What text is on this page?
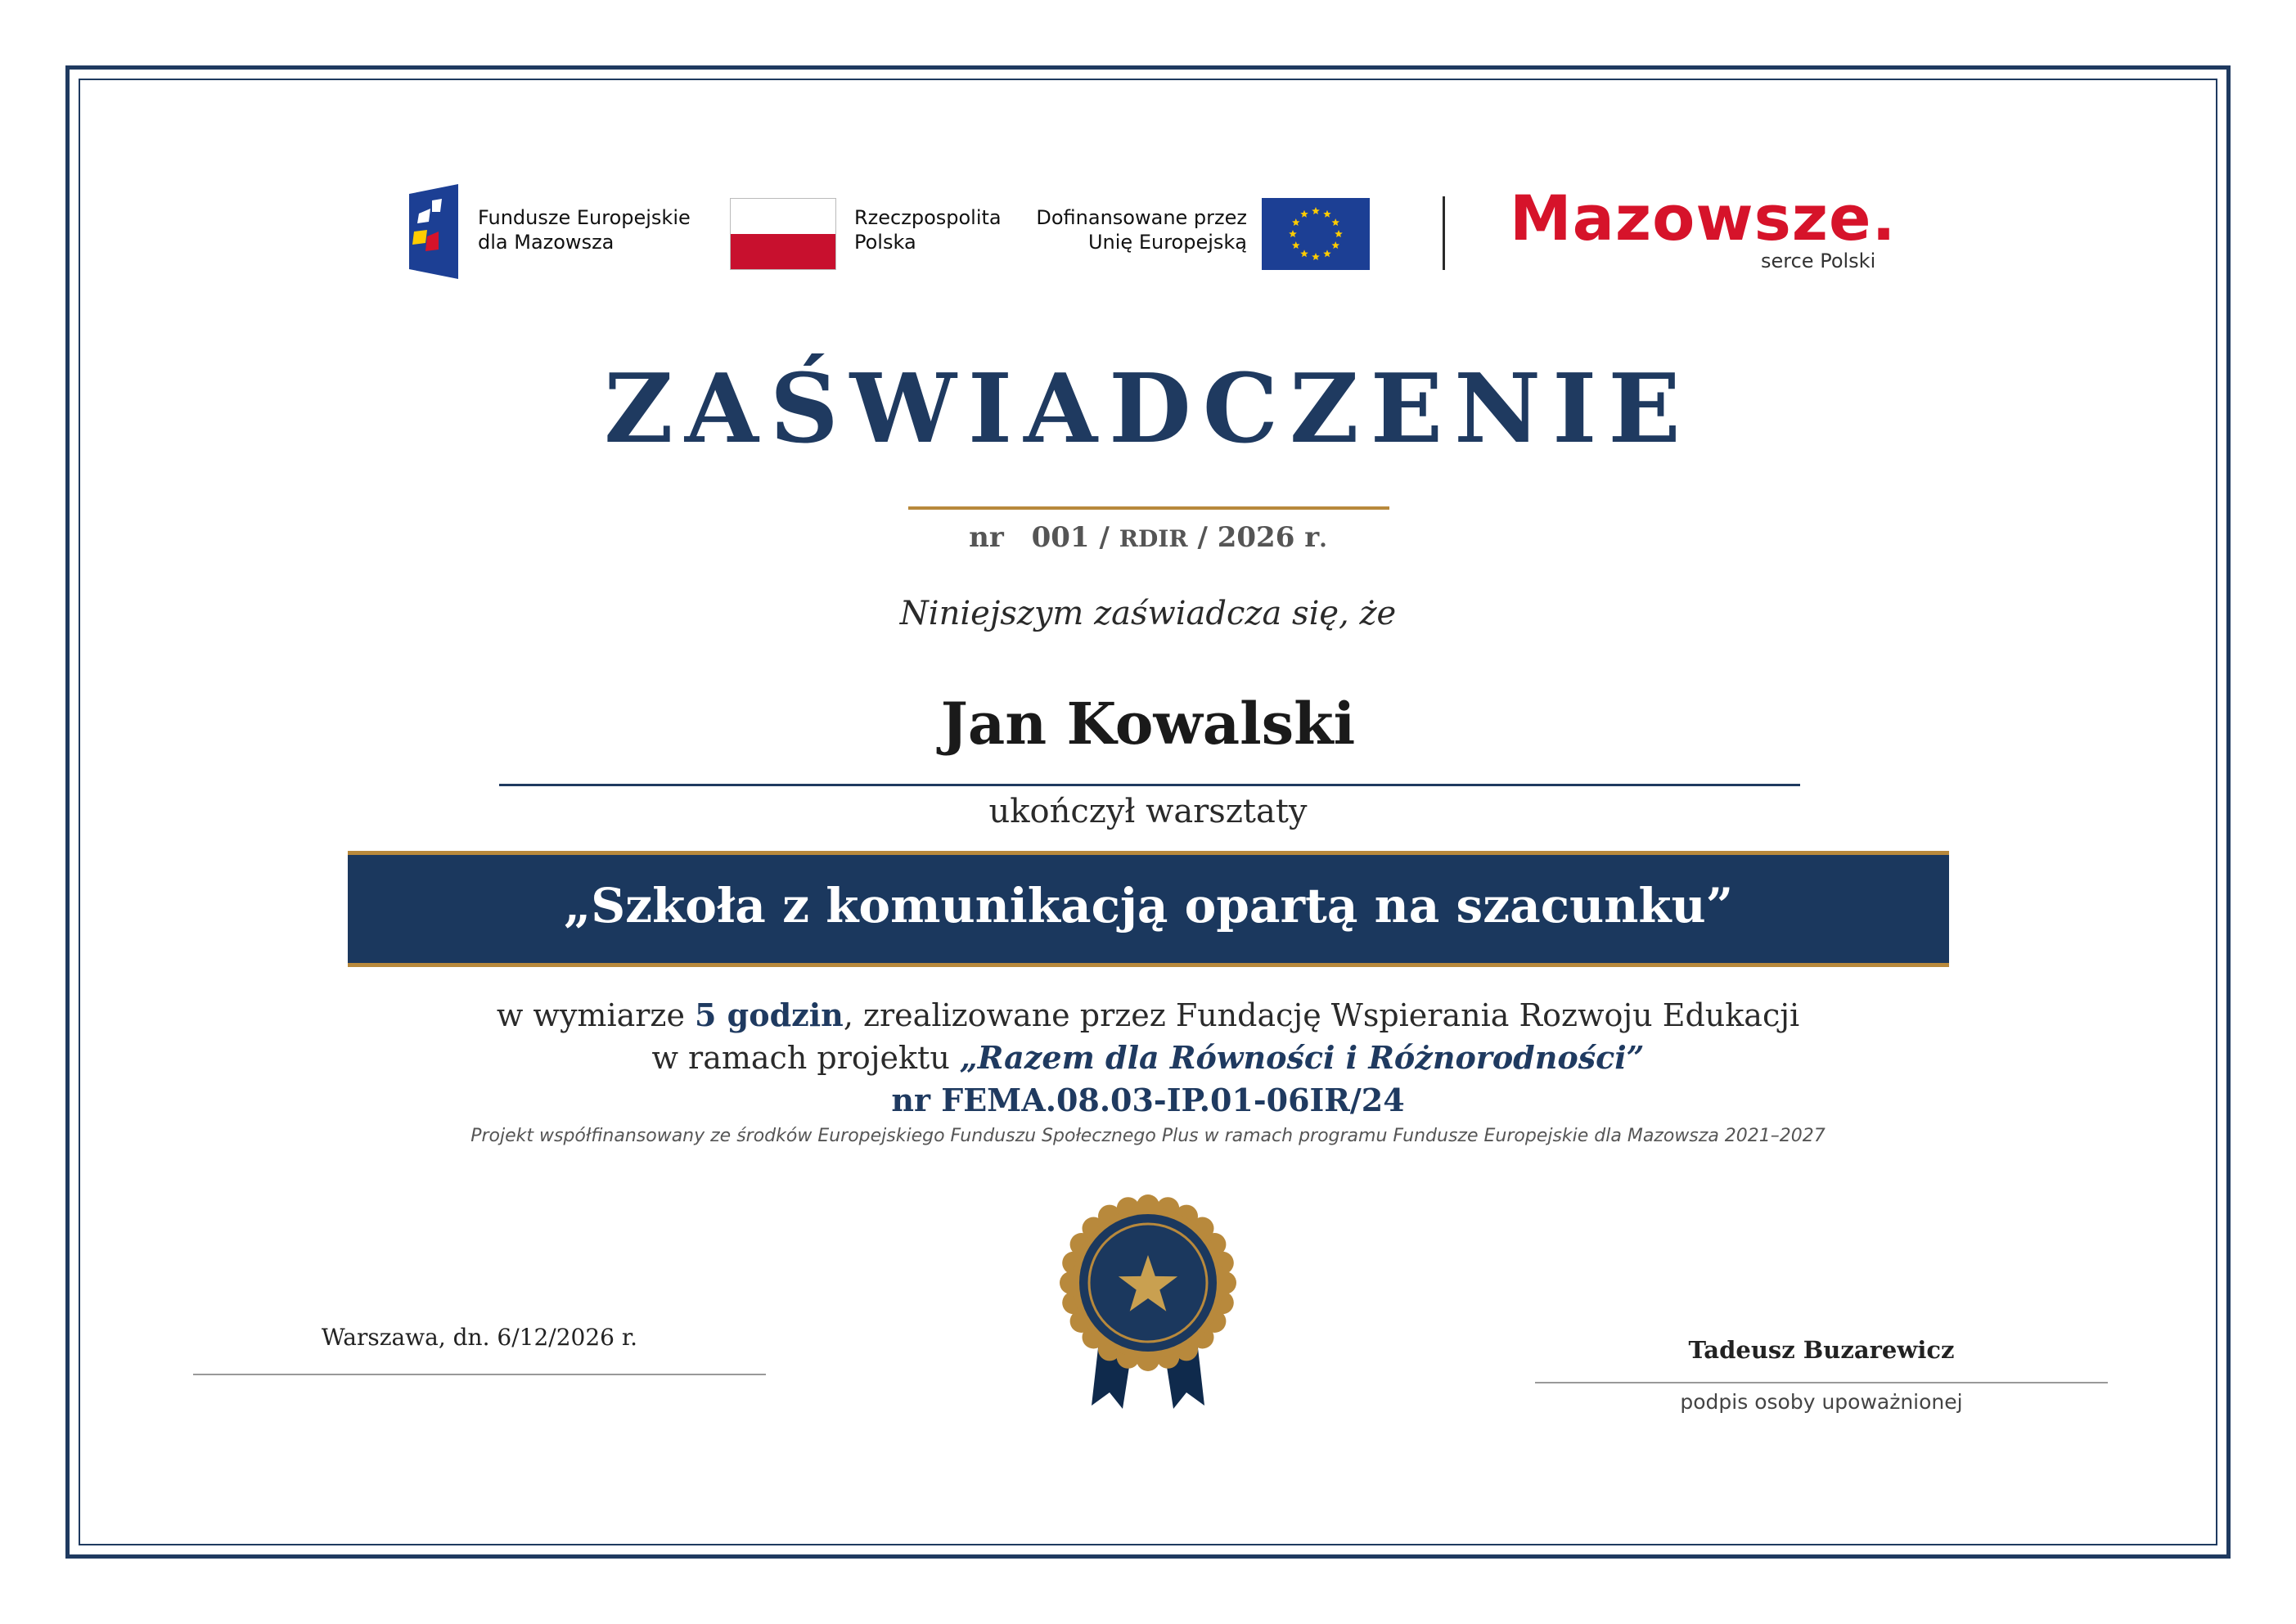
Fundusze Europejskie
dla Mazowsza
Rzeczpospolita
Polska
Dofinansowane przez
Unię Europejską	Mazowsze.
serce Polski
ZAŚWIADCZENIE
nr 001 / RDIR / 2026 r.
Niniejszym zaświadcza się, że
Jan Kowalski
ukończył warsztaty
„Szkoła z komunikacją opartą na szacunku”
w wymiarze 5 godzin, zrealizowane przez Fundację Wspierania Rozwoju Edukacji
w ramach projektu „Razem dla Równości i Różnorodności”
nr FEMA.08.03-IP.01-06IR/24
Projekt współfinansowany ze środków Europejskiego Funduszu Społecznego Plus w ramach programu Fundusze Europejskie dla Mazowsza 2021–2027
Warszawa, dn. 6/12/2026 r.	Tadeusz Buzarewicz
podpis osoby upoważnionej
